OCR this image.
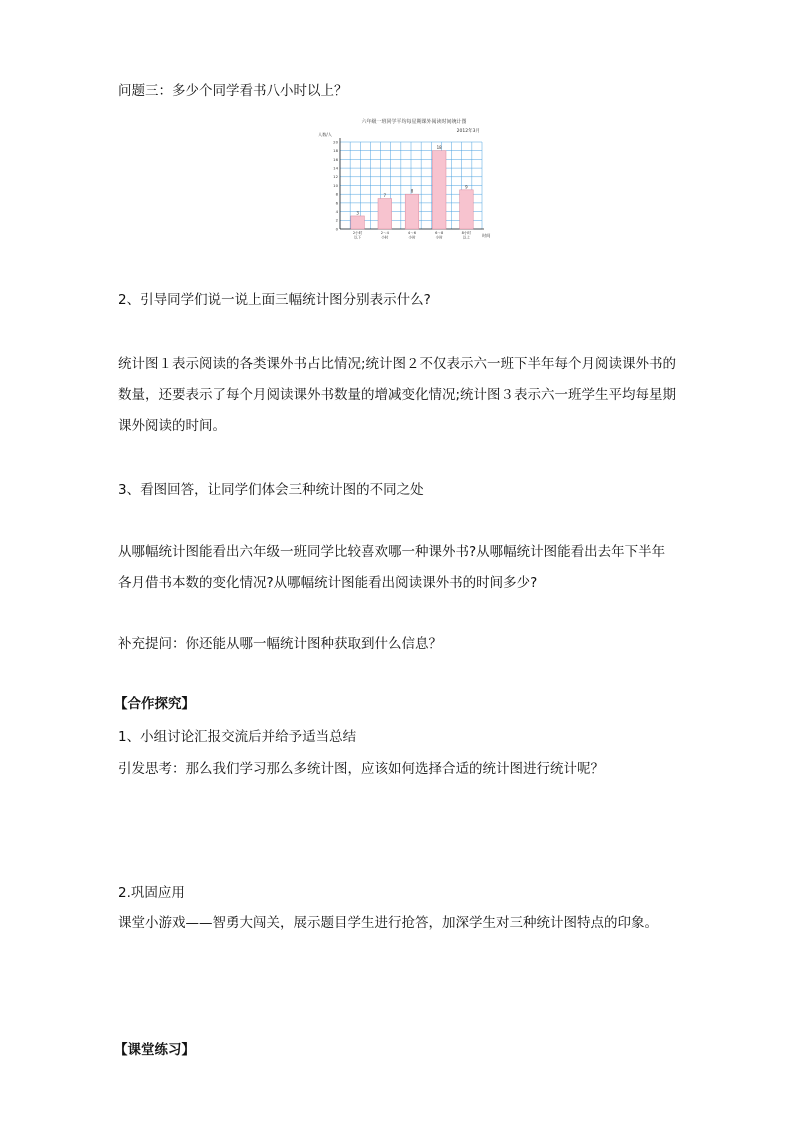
问题三：多少个同学看书八小时以上？
六年级一班同学平均每星期课外阅读时间统计图
2012年3月
人数/人
时间
0
2
4
6
8
10
12
14
16
18
20
3
7
8
18
9
2小时
以下
2～4
小时
4～6
小时
6～8
小时
8小时
以上
2、引导同学们说一说上面三幅统计图分别表示什么?
统计图１表示阅读的各类课外书占比情况;统计图２不仅表示六一班下半年每个月阅读课外书的数量，还要表示了每个月阅读课外书数量的增减变化情况;统计图３表示六一班学生平均每星期课外阅读的时间。
3、看图回答，让同学们体会三种统计图的不同之处
从哪幅统计图能看出六年级一班同学比较喜欢哪一种课外书?从哪幅统计图能看出去年下半年各月借书本数的变化情况?从哪幅统计图能看出阅读课外书的时间多少?
补充提问：你还能从哪一幅统计图种获取到什么信息？
【合作探究】
1、小组讨论汇报交流后并给予适当总结
引发思考：那么我们学习那么多统计图，应该如何选择合适的统计图进行统计呢？
2.巩固应用
课堂小游戏——智勇大闯关，展示题目学生进行抢答，加深学生对三种统计图特点的印象。
【课堂练习】
